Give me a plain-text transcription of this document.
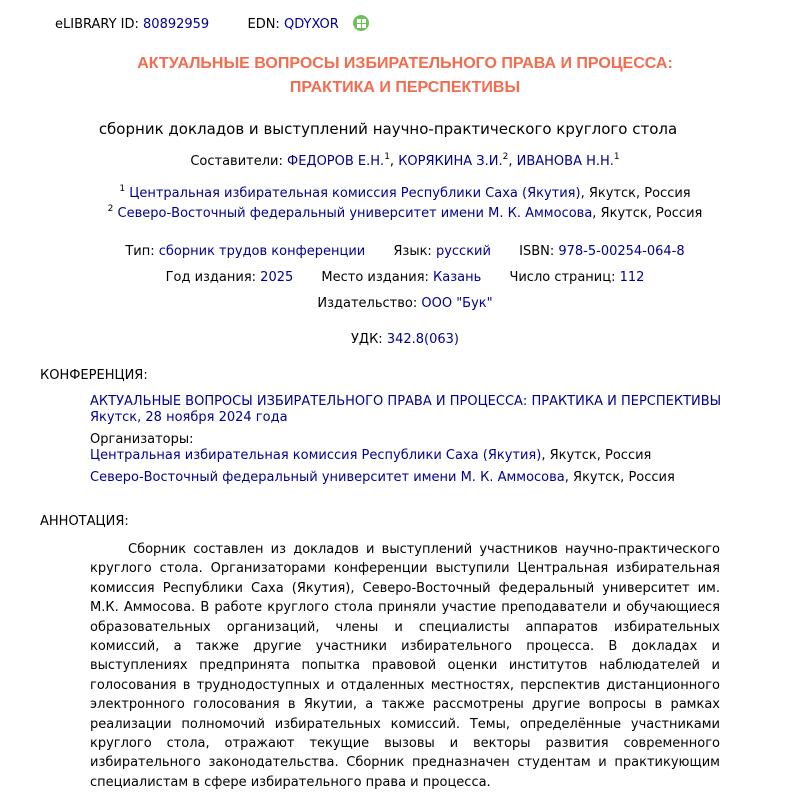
eLIBRARY ID: 80892959	EDN: QDYXOR
АКТУАЛЬНЫЕ ВОПРОСЫ ИЗБИРАТЕЛЬНОГО ПРАВА И ПРОЦЕССА:
ПРАКТИКА И ПЕРСПЕКТИВЫ
сборник докладов и выступлений научно-практического круглого стола
Составители: ФЕДОРОВ Е.Н.$^1$, КОРЯКИНА З.И.$^2$, ИВАНОВА Н.Н.$^1$
$^1$ Центральная избирательная комиссия Республики Саха (Якутия), Якутск, Россия
$^2$ Северо-Восточный федеральный университет имени М. К. Аммосова, Якутск, Россия
Тип: сборник трудов конференции Язык: русский ISBN: 978-5-00254-064-8
Год издания: 2025 Место издания: Казань Число страниц: 112
Издательство: ООО "Бук"
УДК: 342.8(063)
КОНФЕРЕНЦИЯ:
АКТУАЛЬНЫЕ ВОПРОСЫ ИЗБИРАТЕЛЬНОГО ПРАВА И ПРОЦЕССА: ПРАКТИКА И ПЕРСПЕКТИВЫ
Якутск, 28 ноября 2024 года
Организаторы:
Центральная избирательная комиссия Республики Саха (Якутия), Якутск, Россия
Северо-Восточный федеральный университет имени М. К. Аммосова, Якутск, Россия
АННОТАЦИЯ:
Сборник составлен из докладов и выступлений участников научно-практического круглого стола. Организаторами конференции выступили Центральная избирательная комиссия Республики Саха (Якутия), Северо-Восточный федеральный университет им. М.К. Аммосова. В работе круглого стола приняли участие преподаватели и обучающиеся образовательных организаций, члены и специалисты аппаратов избирательных комиссий, а также другие участники избирательного процесса. В докладах и выступлениях предпринята попытка правовой оценки институтов наблюдателей и голосования в труднодоступных и отдаленных местностях, перспектив дистанционного электронного голосования в Якутии, а также рассмотрены другие вопросы в рамках реализации полномочий избирательных комиссий. Темы, определённые участниками круглого стола, отражают текущие вызовы и векторы развития современного избирательного законодательства. Сборник предназначен студентам и практикующим специалистам в сфере избирательного права и процесса.
